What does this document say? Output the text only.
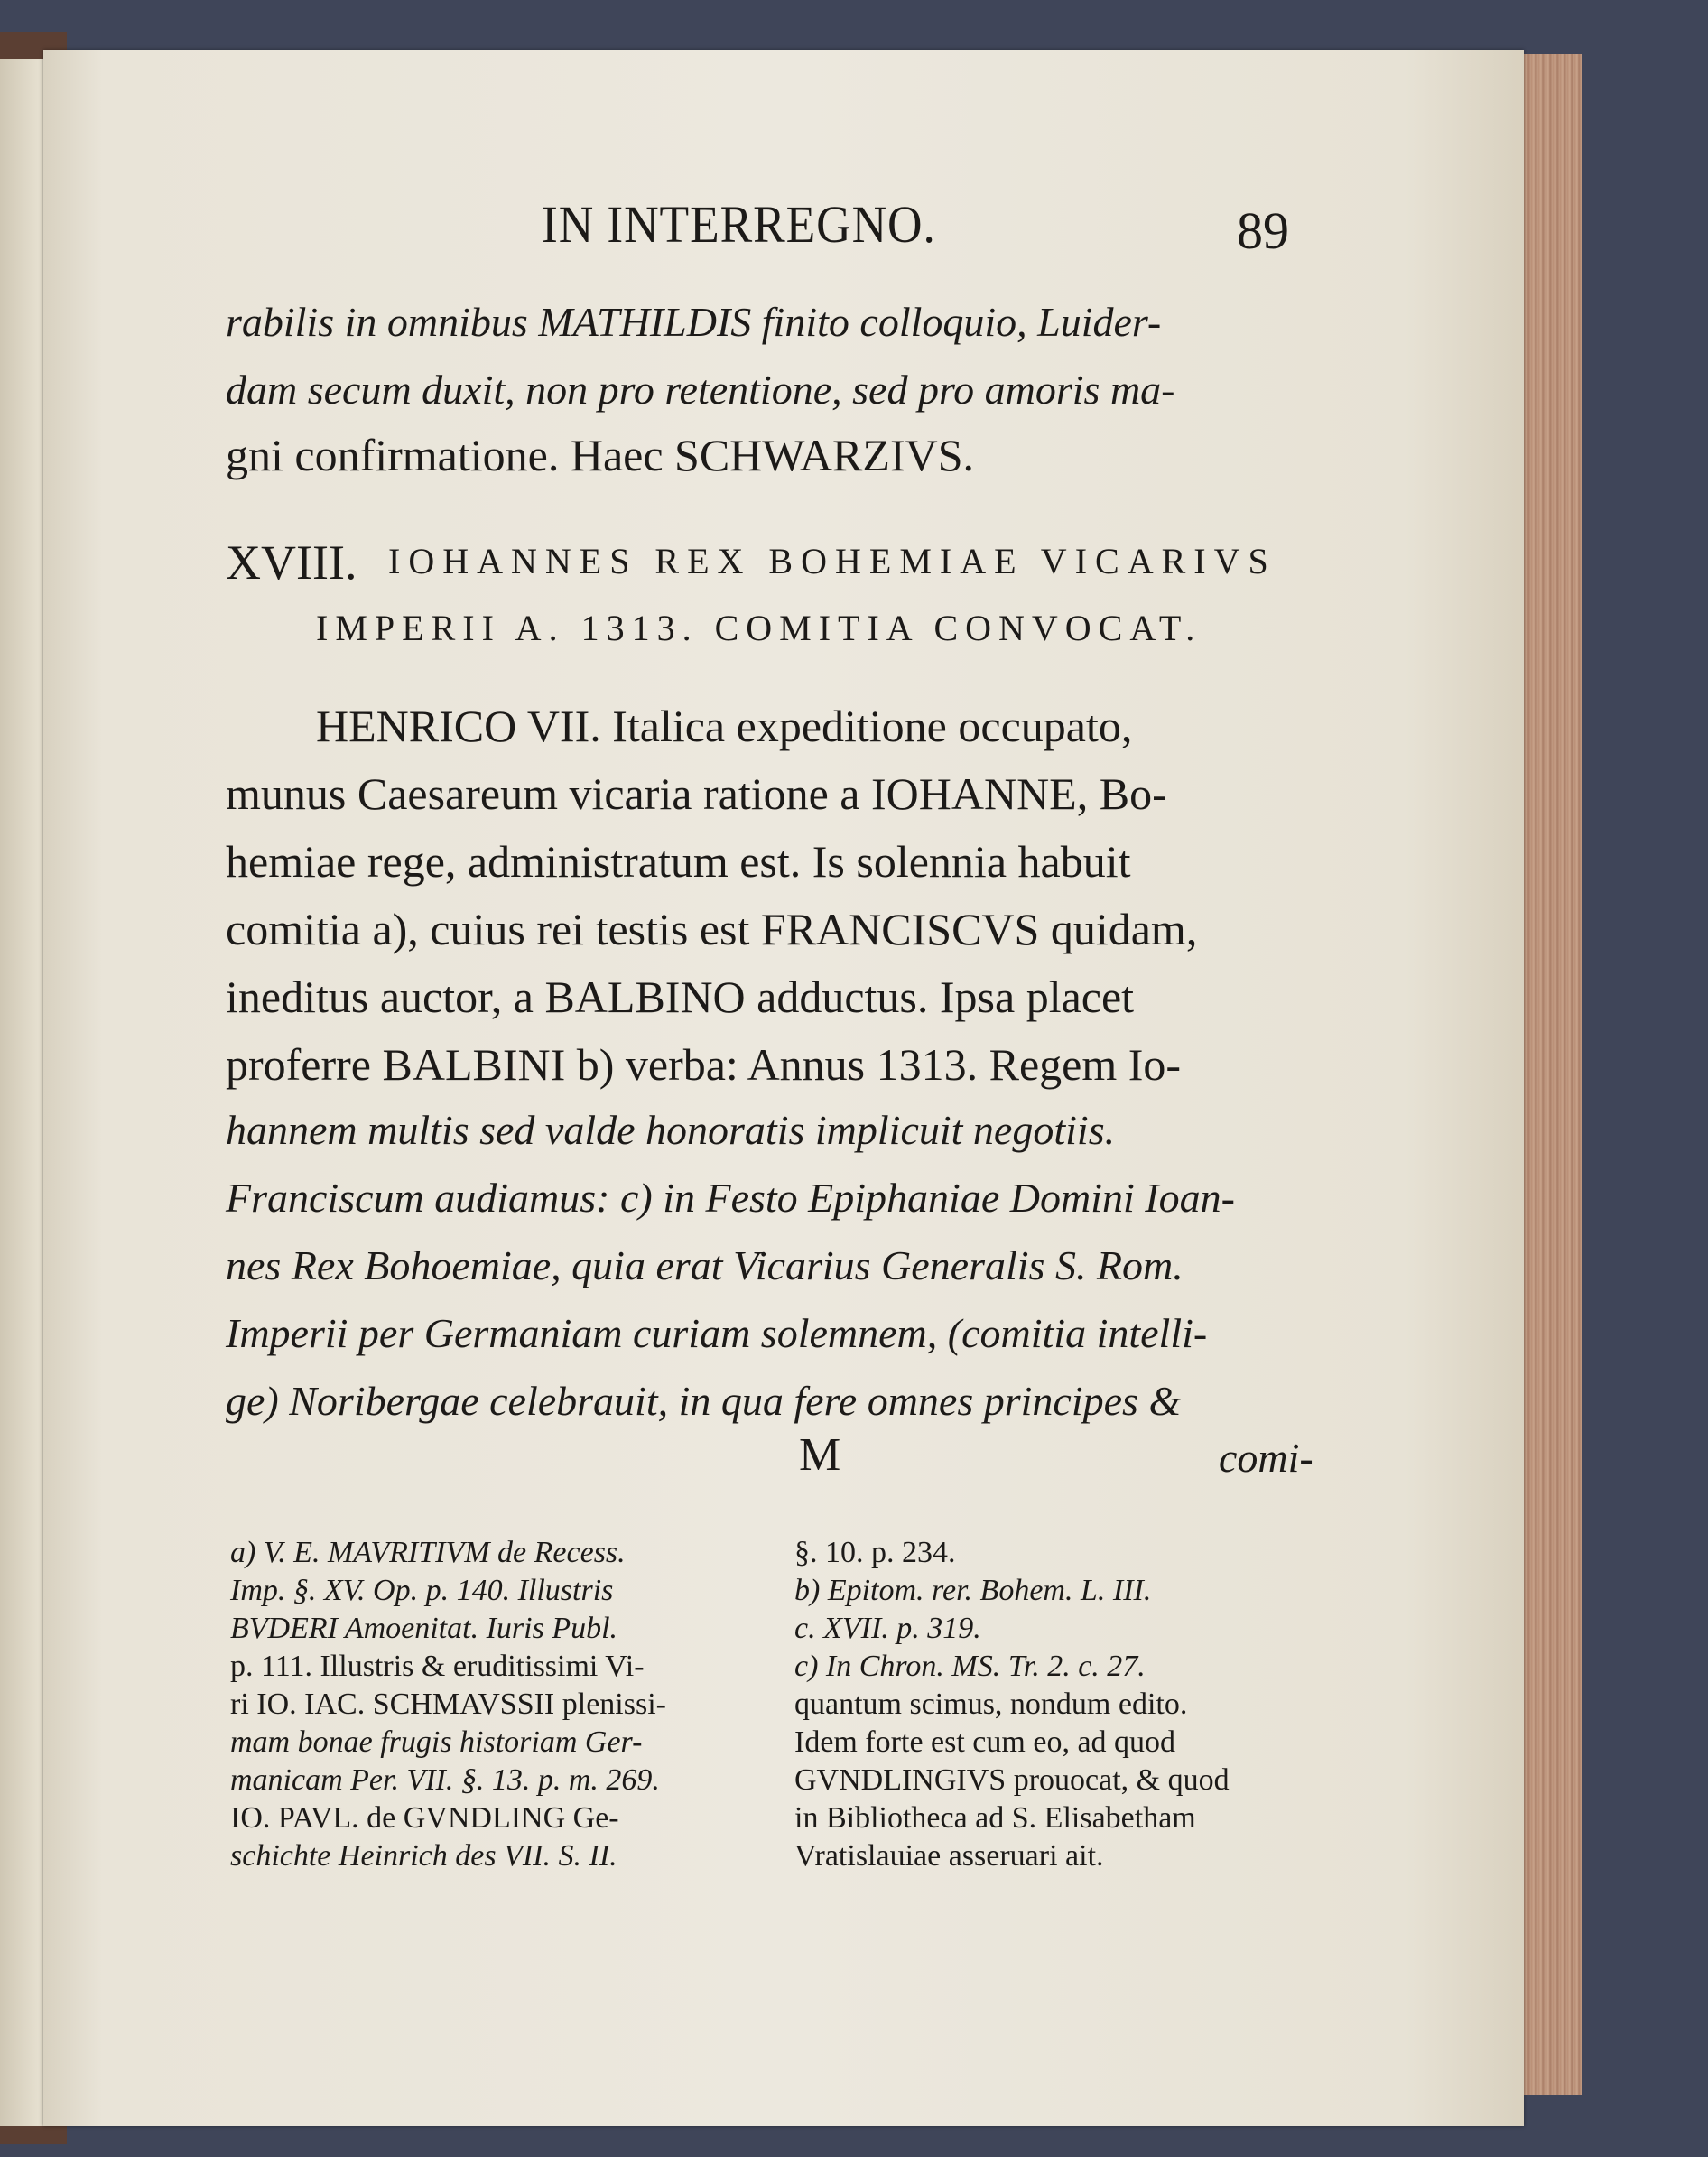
IN INTERREGNO.	89
rabilis in omnibus MATHILDIS finito colloquio, Luider-
dam secum duxit, non pro retentione, sed pro amoris ma-
gni confirmatione. Haec SCHWARZIVS.
XVIII. IOHANNES REX BOHEMIAE VICARIVS
IMPERII A. 1313. COMITIA CONVOCAT.
HENRICO VII. Italica expeditione occupato,
munus Caesareum vicaria ratione a IOHANNE, Bo-
hemiae rege, administratum est. Is solennia habuit
comitia a), cuius rei testis est FRANCISCVS quidam,
ineditus auctor, a BALBINO adductus. Ipsa placet
proferre BALBINI b) verba: Annus 1313. Regem Io-
hannem multis sed valde honoratis implicuit negotiis.
Franciscum audiamus: c) in Festo Epiphaniae Domini Ioan-
nes Rex Bohoemiae, quia erat Vicarius Generalis S. Rom.
Imperii per Germaniam curiam solemnem, (comitia intelli-
ge) Noribergae celebrauit, in qua fere omnes principes &
M	comi-
a) V. E. MAVRITIVM de Recess.
Imp. §. XV. Op. p. 140. Illustris
BVDERI Amoenitat. Iuris Publ.
p. 111. Illustris & eruditissimi Vi-
ri IO. IAC. SCHMAVSSII plenissi-
mam bonae frugis historiam Ger-
manicam Per. VII. §. 13. p. m. 269.
IO. PAVL. de GVNDLING Ge-
schichte Heinrich des VII. S. II.
§. 10. p. 234.
b) Epitom. rer. Bohem. L. III.
c. XVII. p. 319.
c) In Chron. MS. Tr. 2. c. 27.
quantum scimus, nondum edito.
Idem forte est cum eo, ad quod
GVNDLINGIVS prouocat, & quod
in Bibliotheca ad S. Elisabetham
Vratislauiae asseruari ait.
